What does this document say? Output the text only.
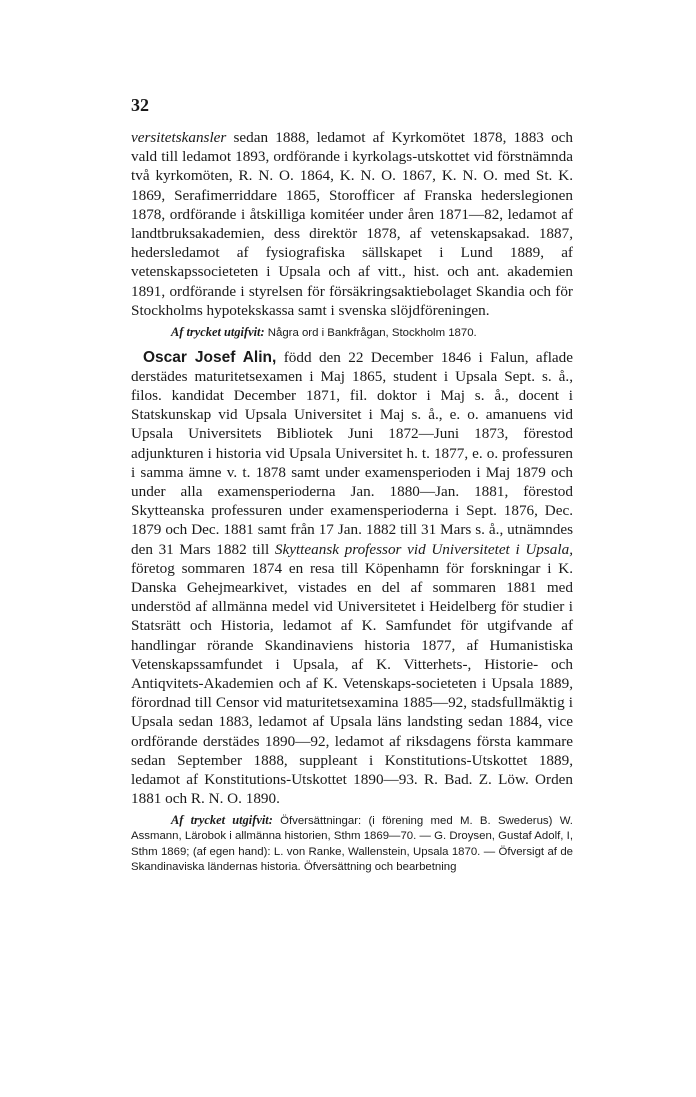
32

versitetskansler sedan 1888, ledamot af Kyrkomötet 1878, 1883 och vald till ledamot 1893, ordförande i kyrkolags-utskottet vid förstnämnda två kyrkomöten, R. N. O. 1864, K. N. O. 1867, K. N. O. med St. K. 1869, Serafimerriddare 1865, Storofficer af Franska hederslegionen 1878, ordförande i åtskilliga komitéer under åren 1871—82, ledamot af landtbruksakademien, dess direktör 1878, af vetenskapsakad. 1887, hedersledamot af fysiografiska sällskapet i Lund 1889, af vetenskapssocieteten i Upsala och af vitt., hist. och ant. akademien 1891, ordförande i styrelsen för försäkringsaktiebolaget Skandia och för Stockholms hypotekskassa samt i svenska slöjdföreningen.

Af trycket utgifvit: Några ord i Bankfrågan, Stockholm 1870.

Oscar Josef Alin, född den 22 December 1846 i Falun, aflade derstädes maturitetsexamen i Maj 1865, student i Upsala Sept. s. å., filos. kandidat December 1871, fil. doktor i Maj s. å., docent i Statskunskap vid Upsala Universitet i Maj s. å., e. o. amanuens vid Upsala Universitets Bibliotek Juni 1872—Juni 1873, förestod adjunkturen i historia vid Upsala Universitet h. t. 1877, e. o. professuren i samma ämne v. t. 1878 samt under examensperioden i Maj 1879 och under alla examensperioderna Jan. 1880—Jan. 1881, förestod Skytteanska professuren under examensperioderna i Sept. 1876, Dec. 1879 och Dec. 1881 samt från 17 Jan. 1882 till 31 Mars s. å., utnämndes den 31 Mars 1882 till Skytteansk professor vid Universitetet i Upsala, företog sommaren 1874 en resa till Köpenhamn för forskningar i K. Danska Gehejmearkivet, vistades en del af sommaren 1881 med understöd af allmänna medel vid Universitetet i Heidelberg för studier i Statsrätt och Historia, ledamot af K. Samfundet för utgifvande af handlingar rörande Skandinaviens historia 1877, af Humanistiska Vetenskapssamfundet i Upsala, af K. Vitterhets-, Historie- och Antiqvitets-Akademien och af K. Vetenskaps-societeten i Upsala 1889, förordnad till Censor vid maturitetsexamina 1885—92, stadsfullmäktig i Upsala sedan 1883, ledamot af Upsala läns landsting sedan 1884, vice ordförande derstädes 1890—92, ledamot af riksdagens första kammare sedan September 1888, suppleant i Konstitutions-Utskottet 1889, ledamot af Konstitutions-Utskottet 1890—93. R. Bad. Z. Löw. Orden 1881 och R. N. O. 1890.

Af trycket utgifvit: Öfversättningar: (i förening med M. B. Swederus) W. Assmann, Lärobok i allmänna historien, Sthm 1869—70. — G. Droysen, Gustaf Adolf, I, Sthm 1869; (af egen hand): L. von Ranke, Wallenstein, Upsala 1870. — Öfversigt af de Skandinaviska ländernas historia. Öfversättning och bearbetning
